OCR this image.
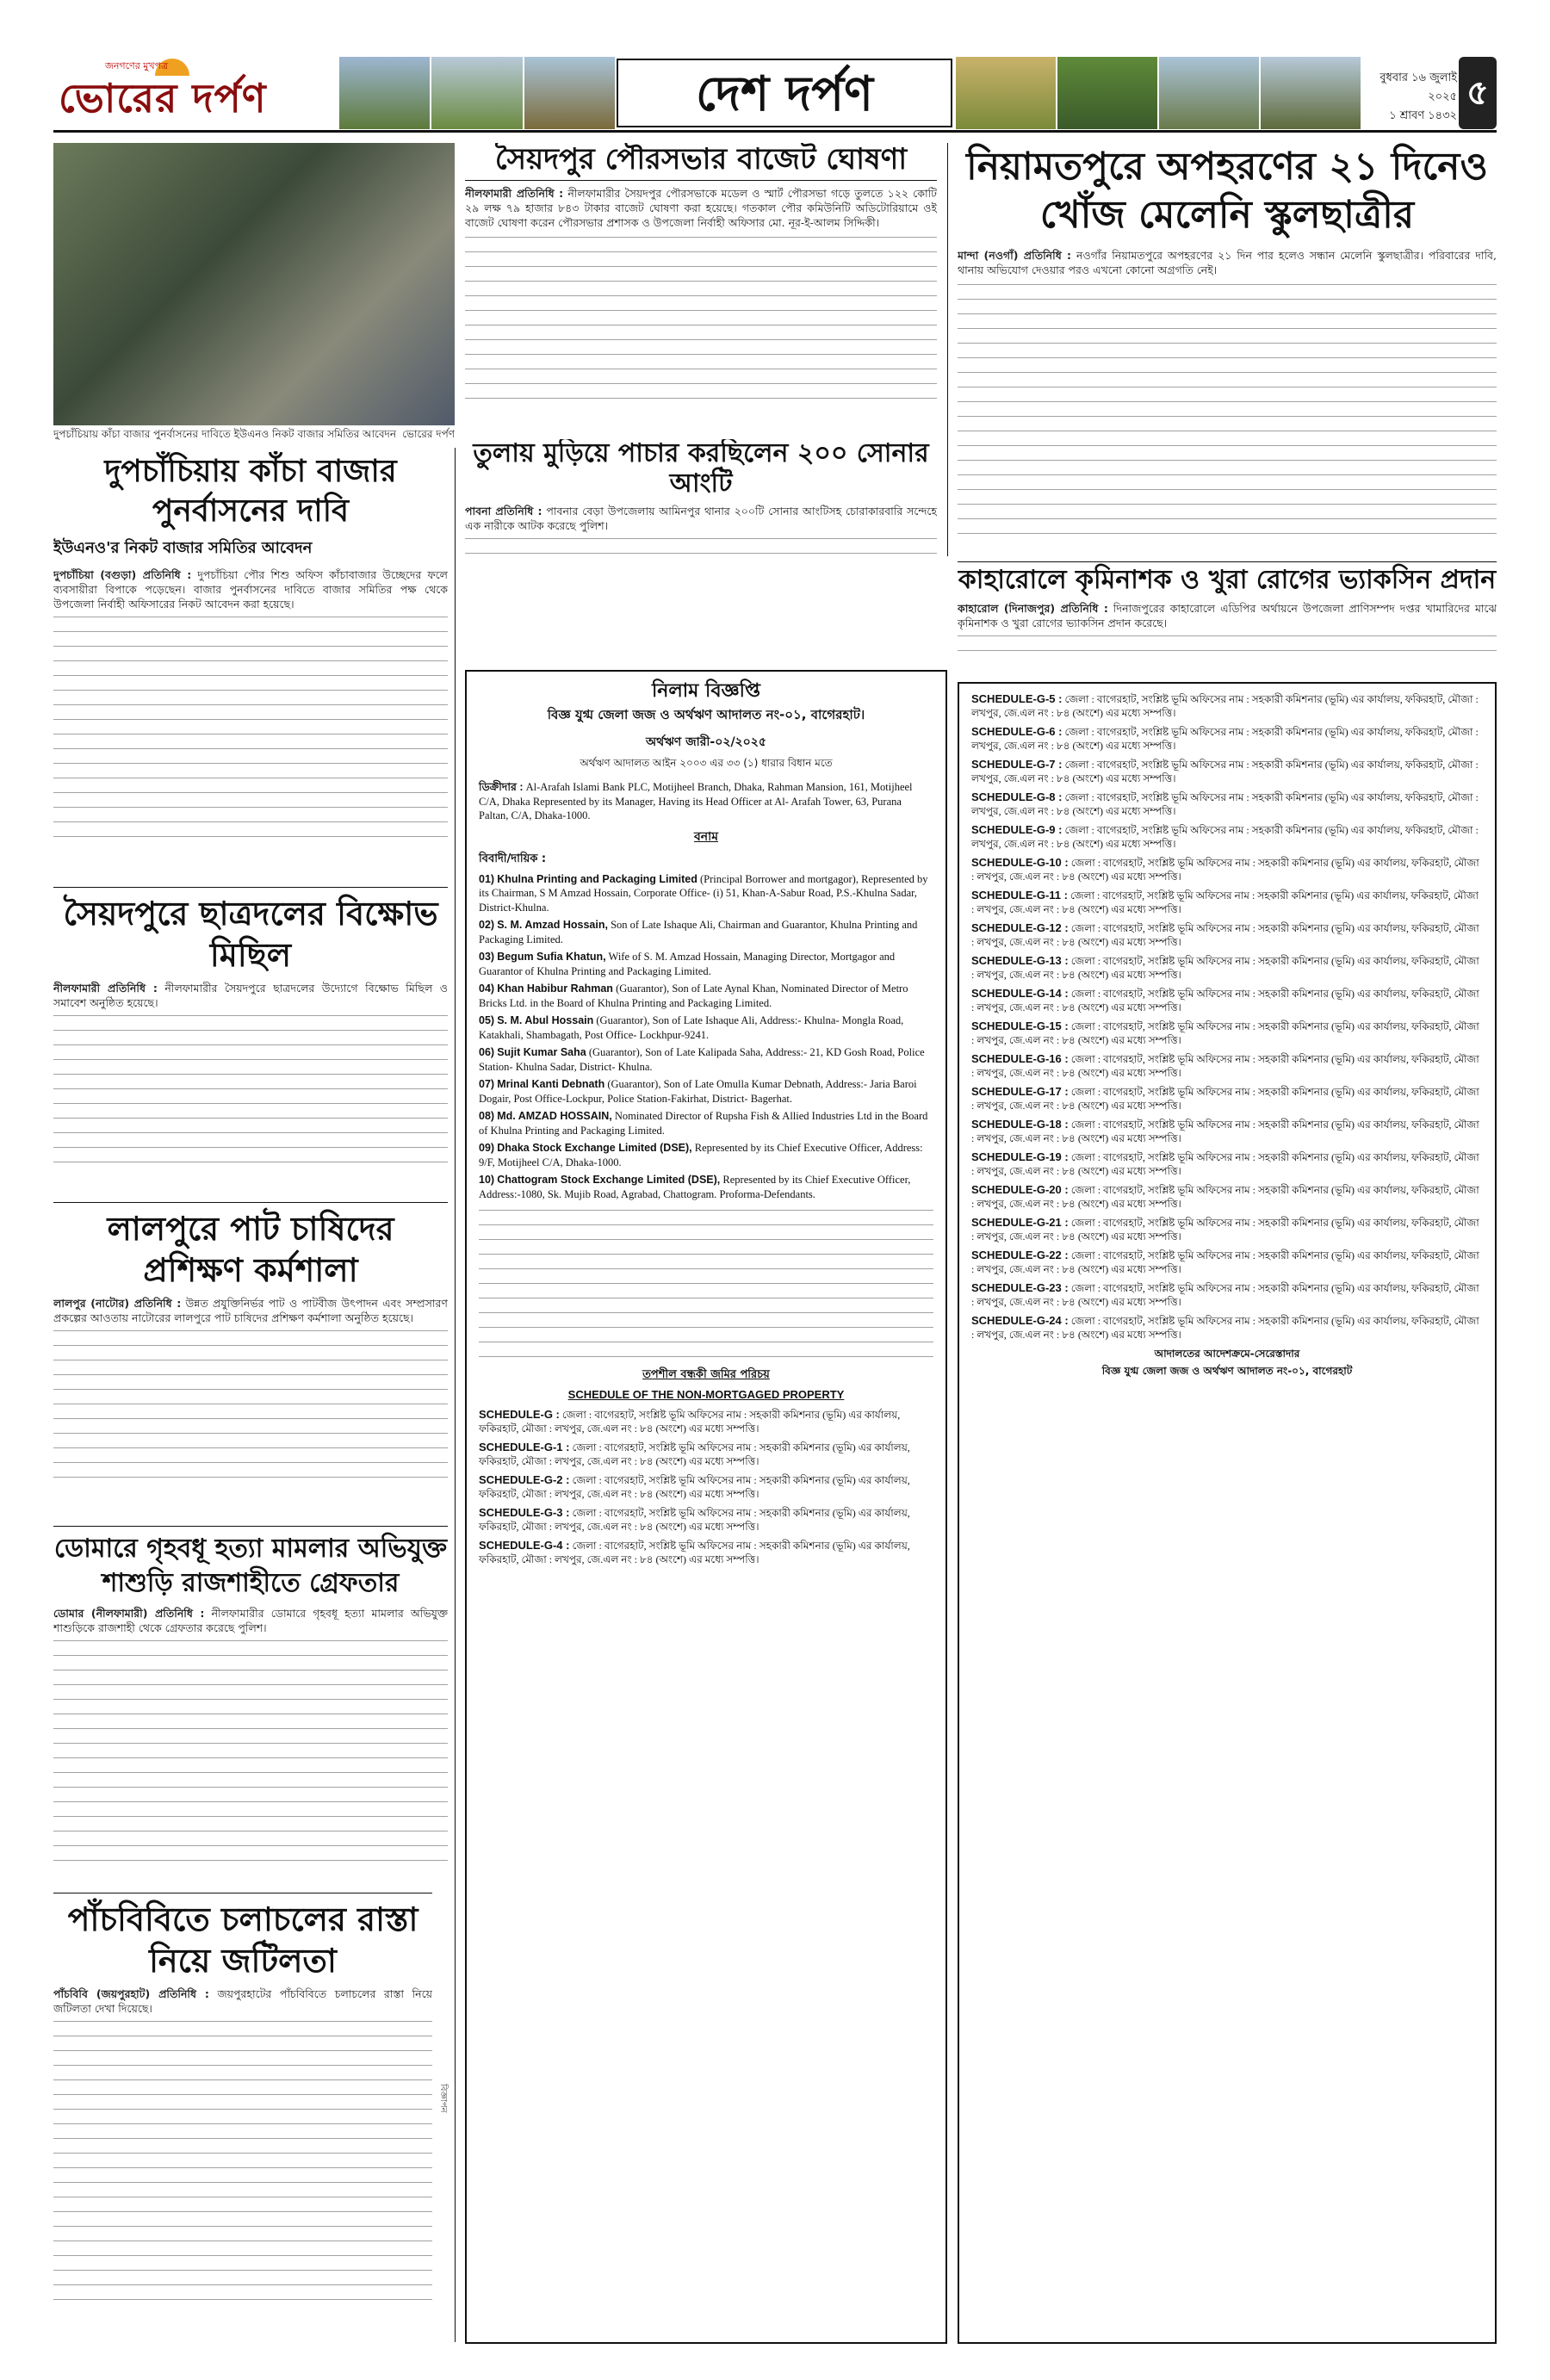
জনগণের মুখপত্র
ভোরের দর্পণ	দেশ দর্পণ	বুধবার ১৬ জুলাই ২০২৫
১ শ্রাবণ ১৪৩২
৫
দুপচাঁচিয়ায় কাঁচা বাজার পুনর্বাসনের দাবিতে ইউএনও নিকট বাজার সমিতির আবেদন ভোরের দর্পণ
সৈয়দপুর পৌরসভার বাজেট ঘোষণা
নীলফামারী প্রতিনিধি : নীলফামারীর সৈয়দপুর পৌরসভাকে মডেল ও স্মার্ট পৌরসভা গড়ে তুলতে ১২২ কোটি ২৯ লক্ষ ৭৯ হাজার ৮৪৩ টাকার বাজেট ঘোষণা করা হয়েছে। গতকাল পৌর কমিউনিটি অডিটোরিয়ামে ওই বাজেট ঘোষণা করেন পৌরসভার প্রশাসক ও উপজেলা নির্বাহী অফিসার মো. নূর-ই-আলম সিদ্দিকী।
নিয়ামতপুরে অপহরণের ২১ দিনেও খোঁজ মেলেনি স্কুলছাত্রীর
মান্দা (নওগাঁ) প্রতিনিধি : নওগাঁর নিয়ামতপুরে অপহরণের ২১ দিন পার হলেও সন্ধান মেলেনি স্কুলছাত্রীর। পরিবারের দাবি, থানায় অভিযোগ দেওয়ার পরও এখনো কোনো অগ্রগতি নেই।
তুলায় মুড়িয়ে পাচার করছিলেন ২০০ সোনার আংটি
পাবনা প্রতিনিধি : পাবনার বেড়া উপজেলায় আমিনপুর থানার ২০০টি সোনার আংটিসহ চোরাকারবারি সন্দেহে এক নারীকে আটক করেছে পুলিশ।
দুপচাঁচিয়ায় কাঁচা বাজার পুনর্বাসনের দাবি
ইউএনও'র নিকট বাজার সমিতির আবেদন
দুপচাঁচিয়া (বগুড়া) প্রতিনিধি : দুপচাঁচিয়া পৌর শিশু অফিস কাঁচাবাজার উচ্ছেদের ফলে ব্যবসায়ীরা বিপাকে পড়েছেন। বাজার পুনর্বাসনের দাবিতে বাজার সমিতির পক্ষ থেকে উপজেলা নির্বাহী অফিসারের নিকট আবেদন করা হয়েছে।
সৈয়দপুরে ছাত্রদলের বিক্ষোভ মিছিল
নীলফামারী প্রতিনিধি : নীলফামারীর সৈয়দপুরে ছাত্রদলের উদ্যোগে বিক্ষোভ মিছিল ও সমাবেশ অনুষ্ঠিত হয়েছে।
লালপুরে পাট চাষিদের প্রশিক্ষণ কর্মশালা
লালপুর (নাটোর) প্রতিনিধি : উন্নত প্রযুক্তিনির্ভর পাট ও পাটবীজ উৎপাদন এবং সম্প্রসারণ প্রকল্পের আওতায় নাটোরের লালপুরে পাট চাষিদের প্রশিক্ষণ কর্মশালা অনুষ্ঠিত হয়েছে।
ডোমারে গৃহবধূ হত্যা মামলার অভিযুক্ত শাশুড়ি রাজশাহীতে গ্রেফতার
ডোমার (নীলফামারী) প্রতিনিধি : নীলফামারীর ডোমারে গৃহবধূ হত্যা মামলার অভিযুক্ত শাশুড়িকে রাজশাহী থেকে গ্রেফতার করেছে পুলিশ।
পাঁচবিবিতে চলাচলের রাস্তা নিয়ে জটিলতা
পাঁচবিবি (জয়পুরহাট) প্রতিনিধি : জয়পুরহাটের পাঁচবিবিতে চলাচলের রাস্তা নিয়ে জটিলতা দেখা দিয়েছে।
বিজ্ঞাপন
কাহারোলে কৃমিনাশক ও খুরা রোগের ভ্যাকসিন প্রদান
কাহারোল (দিনাজপুর) প্রতিনিধি : দিনাজপুরের কাহারোলে এডিপির অর্থায়নে উপজেলা প্রাণিসম্পদ দপ্তর খামারিদের মাঝে কৃমিনাশক ও খুরা রোগের ভ্যাকসিন প্রদান করেছে।
নিলাম বিজ্ঞপ্তি
বিজ্ঞ যুগ্ম জেলা জজ ও অর্থঋণ আদালত নং-০১, বাগেরহাট।
অর্থঋণ জারী-০২/২০২৫
অর্থঋণ আদালত আইন ২০০৩ এর ৩৩ (১) ধারার বিধান মতে
ডিক্রীদার : Al-Arafah Islami Bank PLC, Motijheel Branch, Dhaka, Rahman Mansion, 161, Motijheel C/A, Dhaka Represented by its Manager, Having its Head Officer at Al- Arafah Tower, 63, Purana Paltan, C/A, Dhaka-1000.
বনাম
বিবাদী/দায়িক :
01) Khulna Printing and Packaging Limited (Principal Borrower and mortgagor), Represented by its Chairman, S M Amzad Hossain, Corporate Office- (i) 51, Khan-A-Sabur Road, P.S.-Khulna Sadar, District-Khulna.
02) S. M. Amzad Hossain, Son of Late Ishaque Ali, Chairman and Guarantor, Khulna Printing and Packaging Limited.
03) Begum Sufia Khatun, Wife of S. M. Amzad Hossain, Managing Director, Mortgagor and Guarantor of Khulna Printing and Packaging Limited.
04) Khan Habibur Rahman (Guarantor), Son of Late Aynal Khan, Nominated Director of Metro Bricks Ltd. in the Board of Khulna Printing and Packaging Limited.
05) S. M. Abul Hossain (Guarantor), Son of Late Ishaque Ali, Address:- Khulna- Mongla Road, Katakhali, Shambagath, Post Office- Lockhpur-9241.
06) Sujit Kumar Saha (Guarantor), Son of Late Kalipada Saha, Address:- 21, KD Gosh Road, Police Station- Khulna Sadar, District- Khulna.
07) Mrinal Kanti Debnath (Guarantor), Son of Late Omulla Kumar Debnath, Address:- Jaria Baroi Dogair, Post Office-Lockpur, Police Station-Fakirhat, District- Bagerhat.
08) Md. AMZAD HOSSAIN, Nominated Director of Rupsha Fish & Allied Industries Ltd in the Board of Khulna Printing and Packaging Limited.
09) Dhaka Stock Exchange Limited (DSE), Represented by its Chief Executive Officer, Address: 9/F, Motijheel C/A, Dhaka-1000.
10) Chattogram Stock Exchange Limited (DSE), Represented by its Chief Executive Officer, Address:-1080, Sk. Mujib Road, Agrabad, Chattogram. Proforma-Defendants.
তপশীল বন্ধকী জমির পরিচয়
SCHEDULE OF THE NON-MORTGAGED PROPERTY
SCHEDULE-G : জেলা : বাগেরহাট, সংশ্লিষ্ট ভূমি অফিসের নাম : সহকারী কমিশনার (ভূমি) এর কার্যালয়, ফকিরহাট, মৌজা : লখপুর, জে.এল নং : ৮৪ (অংশে) এর মধ্যে সম্পত্তি।
SCHEDULE-G-1 : জেলা : বাগেরহাট, সংশ্লিষ্ট ভূমি অফিসের নাম : সহকারী কমিশনার (ভূমি) এর কার্যালয়, ফকিরহাট, মৌজা : লখপুর, জে.এল নং : ৮৪ (অংশে) এর মধ্যে সম্পত্তি।
SCHEDULE-G-2 : জেলা : বাগেরহাট, সংশ্লিষ্ট ভূমি অফিসের নাম : সহকারী কমিশনার (ভূমি) এর কার্যালয়, ফকিরহাট, মৌজা : লখপুর, জে.এল নং : ৮৪ (অংশে) এর মধ্যে সম্পত্তি।
SCHEDULE-G-3 : জেলা : বাগেরহাট, সংশ্লিষ্ট ভূমি অফিসের নাম : সহকারী কমিশনার (ভূমি) এর কার্যালয়, ফকিরহাট, মৌজা : লখপুর, জে.এল নং : ৮৪ (অংশে) এর মধ্যে সম্পত্তি।
SCHEDULE-G-4 : জেলা : বাগেরহাট, সংশ্লিষ্ট ভূমি অফিসের নাম : সহকারী কমিশনার (ভূমি) এর কার্যালয়, ফকিরহাট, মৌজা : লখপুর, জে.এল নং : ৮৪ (অংশে) এর মধ্যে সম্পত্তি।
SCHEDULE-G-5 : জেলা : বাগেরহাট, সংশ্লিষ্ট ভূমি অফিসের নাম : সহকারী কমিশনার (ভূমি) এর কার্যালয়, ফকিরহাট, মৌজা : লখপুর, জে.এল নং : ৮৪ (অংশে) এর মধ্যে সম্পত্তি।
SCHEDULE-G-6 : জেলা : বাগেরহাট, সংশ্লিষ্ট ভূমি অফিসের নাম : সহকারী কমিশনার (ভূমি) এর কার্যালয়, ফকিরহাট, মৌজা : লখপুর, জে.এল নং : ৮৪ (অংশে) এর মধ্যে সম্পত্তি।
SCHEDULE-G-7 : জেলা : বাগেরহাট, সংশ্লিষ্ট ভূমি অফিসের নাম : সহকারী কমিশনার (ভূমি) এর কার্যালয়, ফকিরহাট, মৌজা : লখপুর, জে.এল নং : ৮৪ (অংশে) এর মধ্যে সম্পত্তি।
SCHEDULE-G-8 : জেলা : বাগেরহাট, সংশ্লিষ্ট ভূমি অফিসের নাম : সহকারী কমিশনার (ভূমি) এর কার্যালয়, ফকিরহাট, মৌজা : লখপুর, জে.এল নং : ৮৪ (অংশে) এর মধ্যে সম্পত্তি।
SCHEDULE-G-9 : জেলা : বাগেরহাট, সংশ্লিষ্ট ভূমি অফিসের নাম : সহকারী কমিশনার (ভূমি) এর কার্যালয়, ফকিরহাট, মৌজা : লখপুর, জে.এল নং : ৮৪ (অংশে) এর মধ্যে সম্পত্তি।
SCHEDULE-G-10 : জেলা : বাগেরহাট, সংশ্লিষ্ট ভূমি অফিসের নাম : সহকারী কমিশনার (ভূমি) এর কার্যালয়, ফকিরহাট, মৌজা : লখপুর, জে.এল নং : ৮৪ (অংশে) এর মধ্যে সম্পত্তি।
SCHEDULE-G-11 : জেলা : বাগেরহাট, সংশ্লিষ্ট ভূমি অফিসের নাম : সহকারী কমিশনার (ভূমি) এর কার্যালয়, ফকিরহাট, মৌজা : লখপুর, জে.এল নং : ৮৪ (অংশে) এর মধ্যে সম্পত্তি।
SCHEDULE-G-12 : জেলা : বাগেরহাট, সংশ্লিষ্ট ভূমি অফিসের নাম : সহকারী কমিশনার (ভূমি) এর কার্যালয়, ফকিরহাট, মৌজা : লখপুর, জে.এল নং : ৮৪ (অংশে) এর মধ্যে সম্পত্তি।
SCHEDULE-G-13 : জেলা : বাগেরহাট, সংশ্লিষ্ট ভূমি অফিসের নাম : সহকারী কমিশনার (ভূমি) এর কার্যালয়, ফকিরহাট, মৌজা : লখপুর, জে.এল নং : ৮৪ (অংশে) এর মধ্যে সম্পত্তি।
SCHEDULE-G-14 : জেলা : বাগেরহাট, সংশ্লিষ্ট ভূমি অফিসের নাম : সহকারী কমিশনার (ভূমি) এর কার্যালয়, ফকিরহাট, মৌজা : লখপুর, জে.এল নং : ৮৪ (অংশে) এর মধ্যে সম্পত্তি।
SCHEDULE-G-15 : জেলা : বাগেরহাট, সংশ্লিষ্ট ভূমি অফিসের নাম : সহকারী কমিশনার (ভূমি) এর কার্যালয়, ফকিরহাট, মৌজা : লখপুর, জে.এল নং : ৮৪ (অংশে) এর মধ্যে সম্পত্তি।
SCHEDULE-G-16 : জেলা : বাগেরহাট, সংশ্লিষ্ট ভূমি অফিসের নাম : সহকারী কমিশনার (ভূমি) এর কার্যালয়, ফকিরহাট, মৌজা : লখপুর, জে.এল নং : ৮৪ (অংশে) এর মধ্যে সম্পত্তি।
SCHEDULE-G-17 : জেলা : বাগেরহাট, সংশ্লিষ্ট ভূমি অফিসের নাম : সহকারী কমিশনার (ভূমি) এর কার্যালয়, ফকিরহাট, মৌজা : লখপুর, জে.এল নং : ৮৪ (অংশে) এর মধ্যে সম্পত্তি।
SCHEDULE-G-18 : জেলা : বাগেরহাট, সংশ্লিষ্ট ভূমি অফিসের নাম : সহকারী কমিশনার (ভূমি) এর কার্যালয়, ফকিরহাট, মৌজা : লখপুর, জে.এল নং : ৮৪ (অংশে) এর মধ্যে সম্পত্তি।
SCHEDULE-G-19 : জেলা : বাগেরহাট, সংশ্লিষ্ট ভূমি অফিসের নাম : সহকারী কমিশনার (ভূমি) এর কার্যালয়, ফকিরহাট, মৌজা : লখপুর, জে.এল নং : ৮৪ (অংশে) এর মধ্যে সম্পত্তি।
SCHEDULE-G-20 : জেলা : বাগেরহাট, সংশ্লিষ্ট ভূমি অফিসের নাম : সহকারী কমিশনার (ভূমি) এর কার্যালয়, ফকিরহাট, মৌজা : লখপুর, জে.এল নং : ৮৪ (অংশে) এর মধ্যে সম্পত্তি।
SCHEDULE-G-21 : জেলা : বাগেরহাট, সংশ্লিষ্ট ভূমি অফিসের নাম : সহকারী কমিশনার (ভূমি) এর কার্যালয়, ফকিরহাট, মৌজা : লখপুর, জে.এল নং : ৮৪ (অংশে) এর মধ্যে সম্পত্তি।
SCHEDULE-G-22 : জেলা : বাগেরহাট, সংশ্লিষ্ট ভূমি অফিসের নাম : সহকারী কমিশনার (ভূমি) এর কার্যালয়, ফকিরহাট, মৌজা : লখপুর, জে.এল নং : ৮৪ (অংশে) এর মধ্যে সম্পত্তি।
SCHEDULE-G-23 : জেলা : বাগেরহাট, সংশ্লিষ্ট ভূমি অফিসের নাম : সহকারী কমিশনার (ভূমি) এর কার্যালয়, ফকিরহাট, মৌজা : লখপুর, জে.এল নং : ৮৪ (অংশে) এর মধ্যে সম্পত্তি।
SCHEDULE-G-24 : জেলা : বাগেরহাট, সংশ্লিষ্ট ভূমি অফিসের নাম : সহকারী কমিশনার (ভূমি) এর কার্যালয়, ফকিরহাট, মৌজা : লখপুর, জে.এল নং : ৮৪ (অংশে) এর মধ্যে সম্পত্তি।
আদালতের আদেশক্রমে-সেরেস্তাদার
বিজ্ঞ যুগ্ম জেলা জজ ও অর্থঋণ আদালত নং-০১, বাগেরহাট
